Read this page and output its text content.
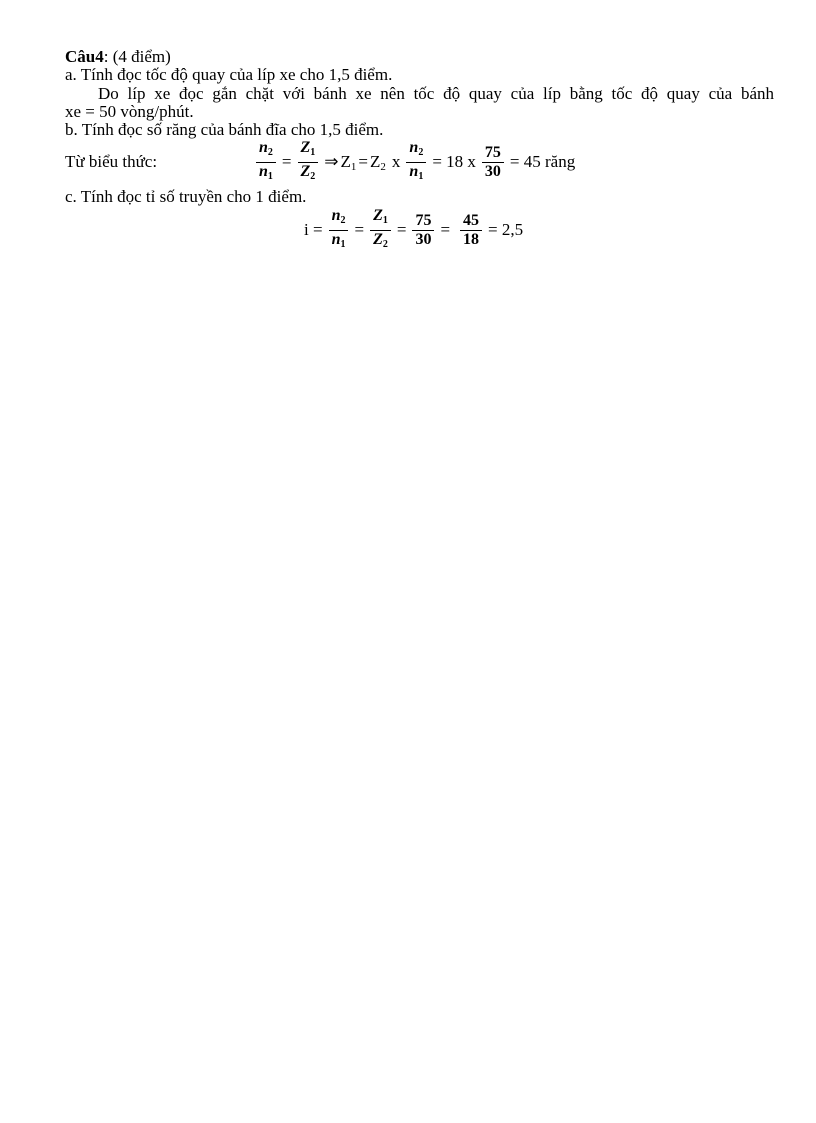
Câu4: (4 điểm)
a. Tính đọc tốc độ quay của líp xe cho 1,5 điểm.
Do líp xe đọc gắn chặt với bánh xe nên tốc độ quay của líp bằng tốc độ quay của bánh
xe = 50 vòng/phút.
b. Tính đọc số răng của bánh đĩa cho 1,5 điểm.
Từ biểu thức:	$\frac{n_2}{n_1} = \frac{Z_1}{Z_2}$ ⇒ Z1 = Z2 x $\frac{n_2}{n_1} = 18$ x $\frac{75}{30} = 45$ răng
c. Tính đọc tỉ số truyền cho 1 điểm.
$i = \frac{n_2}{n_1} = \frac{Z_1}{Z_2} = \frac{75}{30} = \frac{45}{18} = 2,5$
